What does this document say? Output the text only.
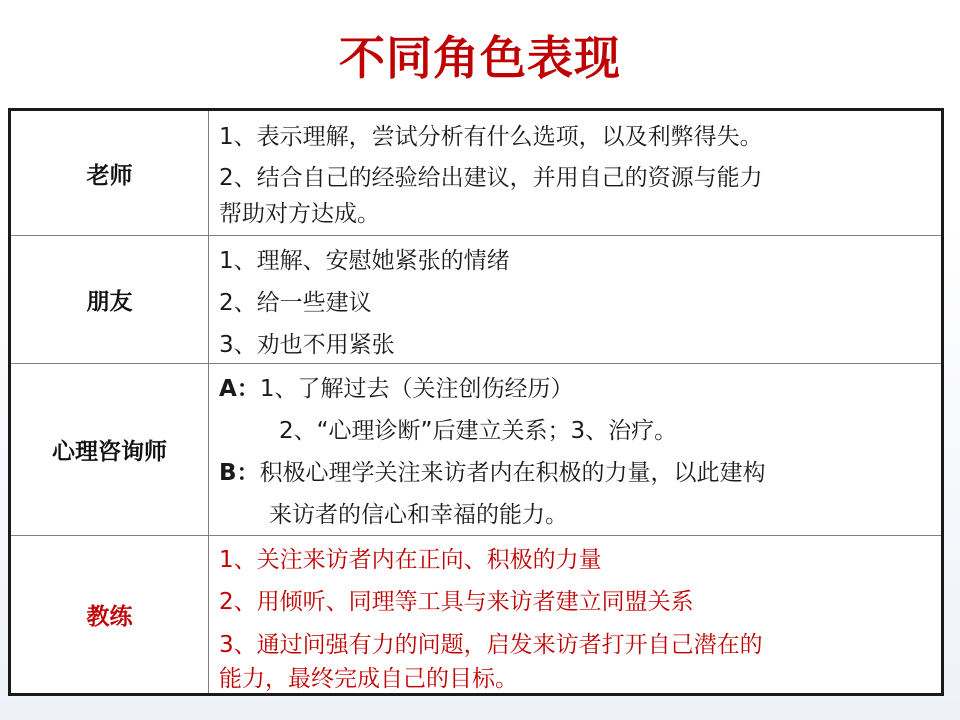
不同角色表现
老师
1、表示理解，尝试分析有什么选项，以及利弊得失。
2、结合自己的经验给出建议，并用自己的资源与能力
帮助对方达成。
朋友
1、理解、安慰她紧张的情绪
2、给一些建议
3、劝也不用紧张
心理咨询师
A：1、了解过去（关注创伤经历）
2、“心理诊断”后建立关系；3、治疗。
B：积极心理学关注来访者内在积极的力量，以此建构
来访者的信心和幸福的能力。
教练
1、关注来访者内在正向、积极的力量
2、用倾听、同理等工具与来访者建立同盟关系
3、通过问强有力的问题，启发来访者打开自己潜在的
能力，最终完成自己的目标。
